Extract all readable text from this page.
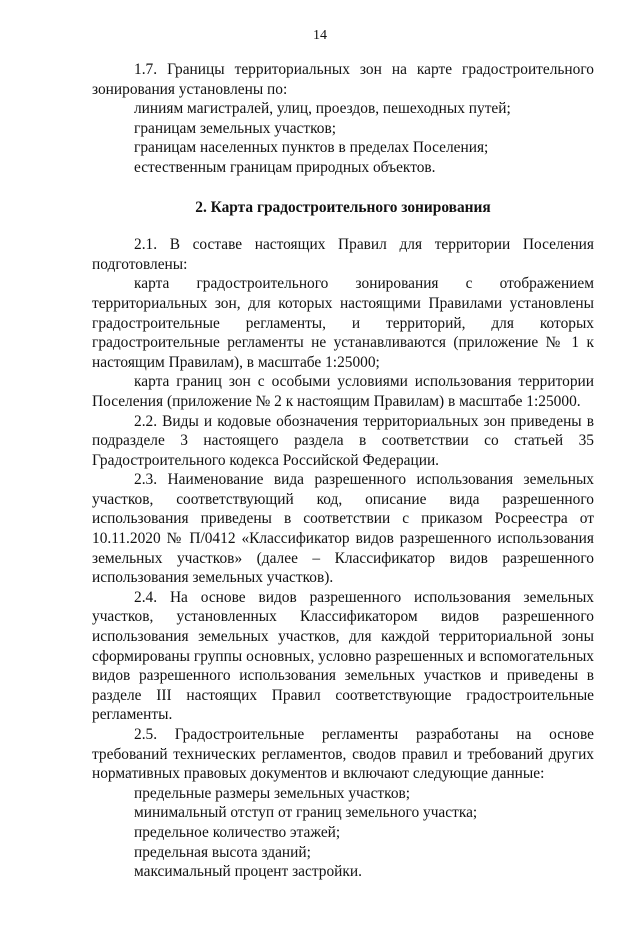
14

1.7. Границы территориальных зон на карте градостроительного зонирования установлены по:

линиям магистралей, улиц, проездов, пешеходных путей;

границам земельных участков;

границам населенных пунктов в пределах Поселения;

естественным границам природных объектов.

2. Карта градостроительного зонирования

2.1. В составе настоящих Правил для территории Поселения подготовлены:

карта градостроительного зонирования с отображением территориальных зон, для которых настоящими Правилами установлены градостроительные регламенты, и территорий, для которых градостроительные регламенты не устанавливаются (приложение № 1 к настоящим Правилам), в масштабе 1:25000;

карта границ зон с особыми условиями использования территории Поселения (приложение № 2 к настоящим Правилам) в масштабе 1:25000.

2.2. Виды и кодовые обозначения территориальных зон приведены в подразделе 3 настоящего раздела в соответствии со статьей 35 Градостроительного кодекса Российской Федерации.

2.3. Наименование вида разрешенного использования земельных участков, соответствующий код, описание вида разрешенного использования приведены в соответствии с приказом Росреестра от 10.11.2020 № П/0412 «Классификатор видов разрешенного использования земельных участков» (далее – Классификатор видов разрешенного использования земельных участков).

2.4. На основе видов разрешенного использования земельных участков, установленных Классификатором видов разрешенного использования земельных участков, для каждой территориальной зоны сформированы группы основных, условно разрешенных и вспомогательных видов разрешенного использования земельных участков и приведены в разделе III настоящих Правил соответствующие градостроительные регламенты.

2.5. Градостроительные регламенты разработаны на основе требований технических регламентов, сводов правил и требований других нормативных правовых документов и включают следующие данные:

предельные размеры земельных участков;

минимальный отступ от границ земельного участка;

предельное количество этажей;

предельная высота зданий;

максимальный процент застройки.
